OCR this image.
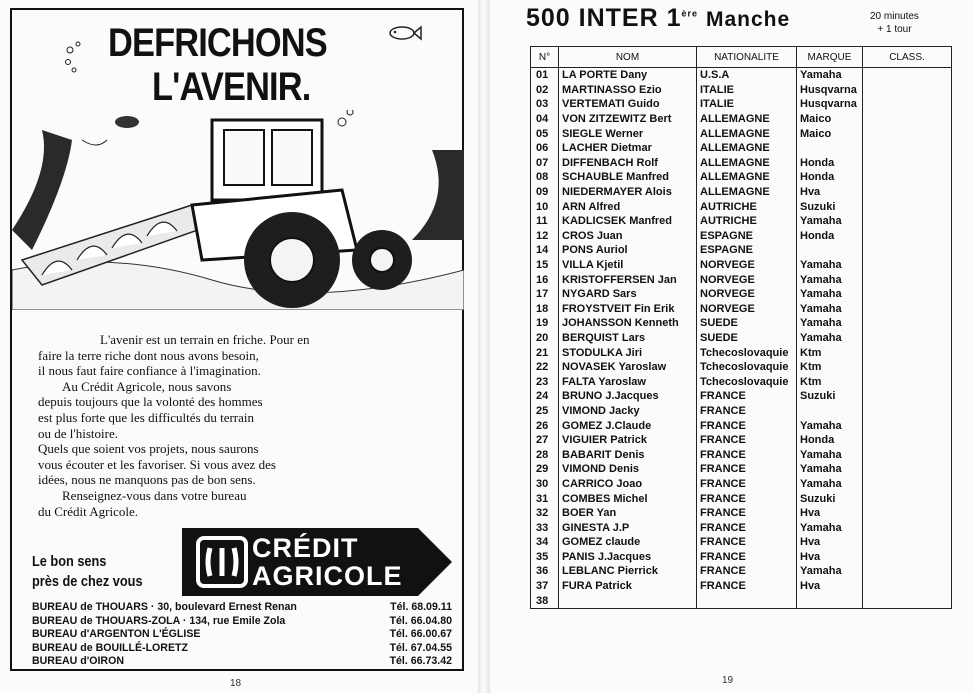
DEFRICHONS
L'AVENIR.

L'avenir est un terrain en friche. Pour en

faire la terre riche dont nous avons besoin,

il nous faut faire confiance à l'imagination.

Au Crédit Agricole, nous savons

depuis toujours que la volonté des hommes

est plus forte que les difficultés du terrain

ou de l'histoire.

Quels que soient vos projets, nous saurons

vous écouter et les favoriser. Si vous avez des

idées, nous ne manquons pas de bon sens.

Renseignez-vous dans votre bureau

du Crédit Agricole.

Le bon sens
près de chez vous
CRÉDIT
AGRICOLE
BUREAU de THOUARS · 30, boulevard Ernest Renan	Tél. 68.09.11
BUREAU de THOUARS-ZOLA · 134, rue Emile Zola	Tél. 66.04.80
BUREAU d'ARGENTON L'ÉGLISE	Tél. 66.00.67
BUREAU de BOUILLÉ-LORETZ	Tél. 67.04.55
BUREAU d'OIRON	Tél. 66.73.42
18
500 INTER 1ère Manche	20 minutes
+ 1 tour
N°	NOM	NATIONALITE	MARQUE	CLASS.
01	LA PORTE Dany	U.S.A	Yamaha	
02	MARTINASSO Ezio	ITALIE	Husqvarna	
03	VERTEMATI Guido	ITALIE	Husqvarna	
04	VON ZITZEWITZ Bert	ALLEMAGNE	Maico	
05	SIEGLE Werner	ALLEMAGNE	Maico	
06	LACHER Dietmar	ALLEMAGNE		
07	DIFFENBACH Rolf	ALLEMAGNE	Honda	
08	SCHAUBLE Manfred	ALLEMAGNE	Honda	
09	NIEDERMAYER Alois	ALLEMAGNE	Hva	
10	ARN Alfred	AUTRICHE	Suzuki	
11	KADLICSEK Manfred	AUTRICHE	Yamaha	
12	CROS Juan	ESPAGNE	Honda	
14	PONS Auriol	ESPAGNE		
15	VILLA Kjetil	NORVEGE	Yamaha	
16	KRISTOFFERSEN Jan	NORVEGE	Yamaha	
17	NYGARD Sars	NORVEGE	Yamaha	
18	FROYSTVEIT Fin Erik	NORVEGE	Yamaha	
19	JOHANSSON Kenneth	SUEDE	Yamaha	
20	BERQUIST Lars	SUEDE	Yamaha	
21	STODULKA Jiri	Tchecoslovaquie	Ktm	
22	NOVASEK Yaroslaw	Tchecoslovaquie	Ktm	
23	FALTA Yaroslaw	Tchecoslovaquie	Ktm	
24	BRUNO J.Jacques	FRANCE	Suzuki	
25	VIMOND Jacky	FRANCE		
26	GOMEZ J.Claude	FRANCE	Yamaha	
27	VIGUIER Patrick	FRANCE	Honda	
28	BABARIT Denis	FRANCE	Yamaha	
29	VIMOND Denis	FRANCE	Yamaha	
30	CARRICO Joao	FRANCE	Yamaha	
31	COMBES Michel	FRANCE	Suzuki	
32	BOER Yan	FRANCE	Hva	
33	GINESTA J.P	FRANCE	Yamaha	
34	GOMEZ claude	FRANCE	Hva	
35	PANIS J.Jacques	FRANCE	Hva	
36	LEBLANC Pierrick	FRANCE	Yamaha	
37	FURA Patrick	FRANCE	Hva	
38				
19
